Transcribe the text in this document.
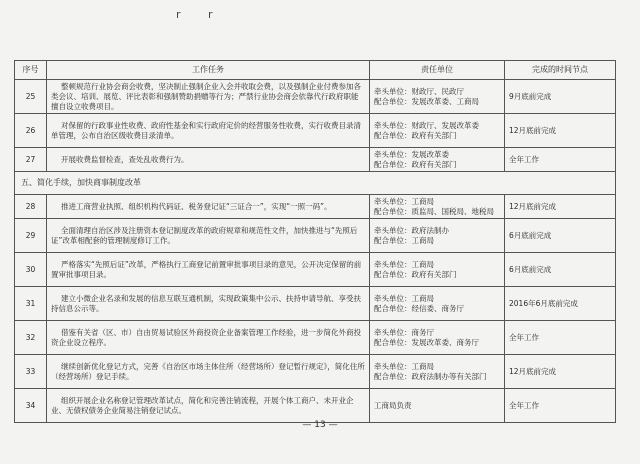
r r
序号	工作任务	责任单位	完成的时间节点
25	整顿规范行业协会商会收费，坚决制止强制企业入会并收取会费，以及强制企业付费参加各类会议、培训、展览、评比表彰和强制赞助捐赠等行为；严禁行业协会商会依靠代行政府职能擅自设立收费项目。	牵头单位：财政厅、民政厅
配合单位：发展改革委、工商局	9月底前完成
26	对保留的行政事业性收费、政府性基金和实行政府定价的经营服务性收费，实行收费目录清单管理，公布自治区级收费目录清单。	牵头单位：财政厅、发展改革委
配合单位：政府有关部门	12月底前完成
27	开展收费监督检查，查处乱收费行为。	牵头单位：发展改革委
配合单位：政府有关部门	全年工作
五、简化手续，加快商事制度改革			
28	推进工商营业执照、组织机构代码证、税务登记证“三证合一”，实现“一照一码”。	牵头单位：工商局
配合单位：质监局、国税局、地税局	12月底前完成
29	全面清理自治区涉及注册资本登记制度改革的政府规章和规范性文件，加快推进与“先照后证”改革相配套的管理制度修订工作。	牵头单位：政府法制办
配合单位：工商局	6月底前完成
30	严格落实“先照后证”改革，严格执行工商登记前置审批事项目录的意见，公开决定保留的前置审批事项目录。	牵头单位：工商局
配合单位：政府有关部门	6月底前完成
31	建立小微企业名录和发展的信息互联互通机制，实现政策集中公示、扶持申请导航、享受扶持信息公示等。	牵头单位：工商局
配合单位：经信委、商务厅	2016年6月底前完成
32	借鉴有关省（区、市）自由贸易试验区外商投资企业备案管理工作经验，进一步简化外商投资企业设立程序。	牵头单位：商务厅
配合单位：发展改革委、商务厅	全年工作
33	继续创新优化登记方式，完善《自治区市场主体住所（经营场所）登记暂行规定》，简化住所（经营场所）登记手续。	牵头单位：工商局
配合单位：政府法制办等有关部门	12月底前完成
34	组织开展企业名称登记管理改革试点，简化和完善注销流程，开展个体工商户、未开业企业、无债权债务企业简易注销登记试点。	工商局负责	全年工作
— 13 —
